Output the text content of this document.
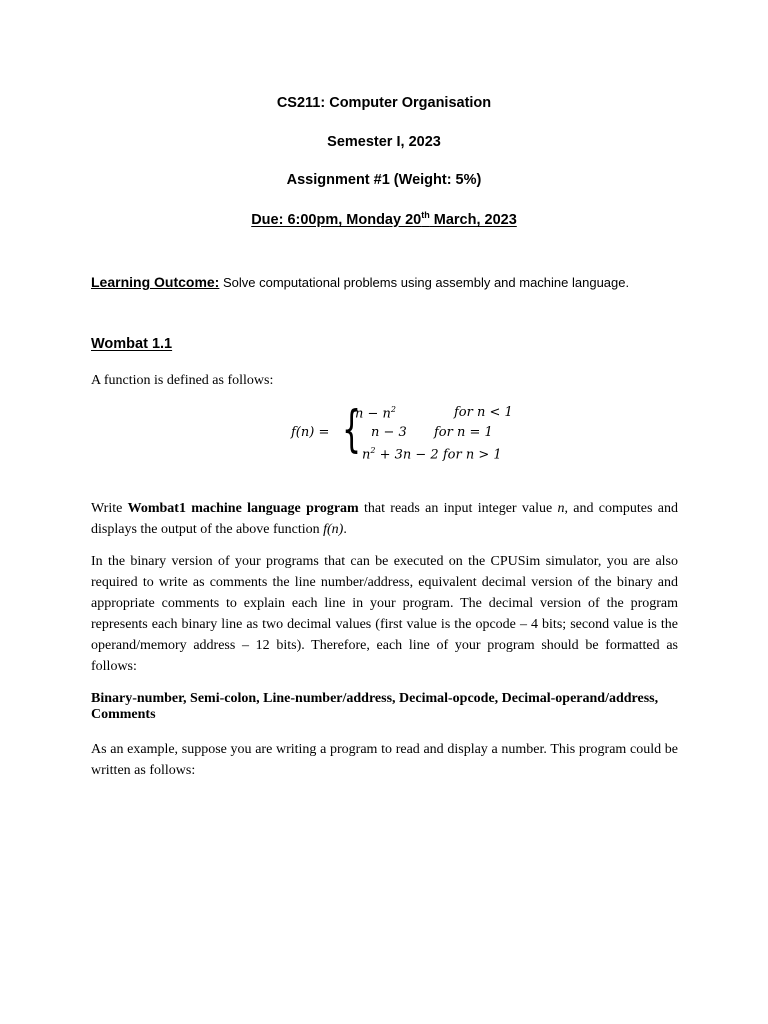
CS211: Computer Organisation
Semester I, 2023
Assignment #1 (Weight: 5%)
Due: 6:00pm, Monday 20th March, 2023
Learning Outcome: Solve computational problems using assembly and machine language.
Wombat 1.1
A function is defined as follows:
f(n) = {
$n - n^2$	for n < 1
n − 3 for n = 1
$n^2 + 3n - 2$ for n > 1
Write Wombat1 machine language program that reads an input integer value n, and computes and displays the output of the above function f(n).
In the binary version of your programs that can be executed on the CPUSim simulator, you are also required to write as comments the line number/address, equivalent decimal version of the binary and appropriate comments to explain each line in your program. The decimal version of the program represents each binary line as two decimal values (first value is the opcode – 4 bits; second value is the operand/memory address – 12 bits). Therefore, each line of your program should be formatted as follows:
Binary-number, Semi-colon, Line-number/address, Decimal-opcode, Decimal-operand/address, Comments
As an example, suppose you are writing a program to read and display a number. This program could be written as follows:
